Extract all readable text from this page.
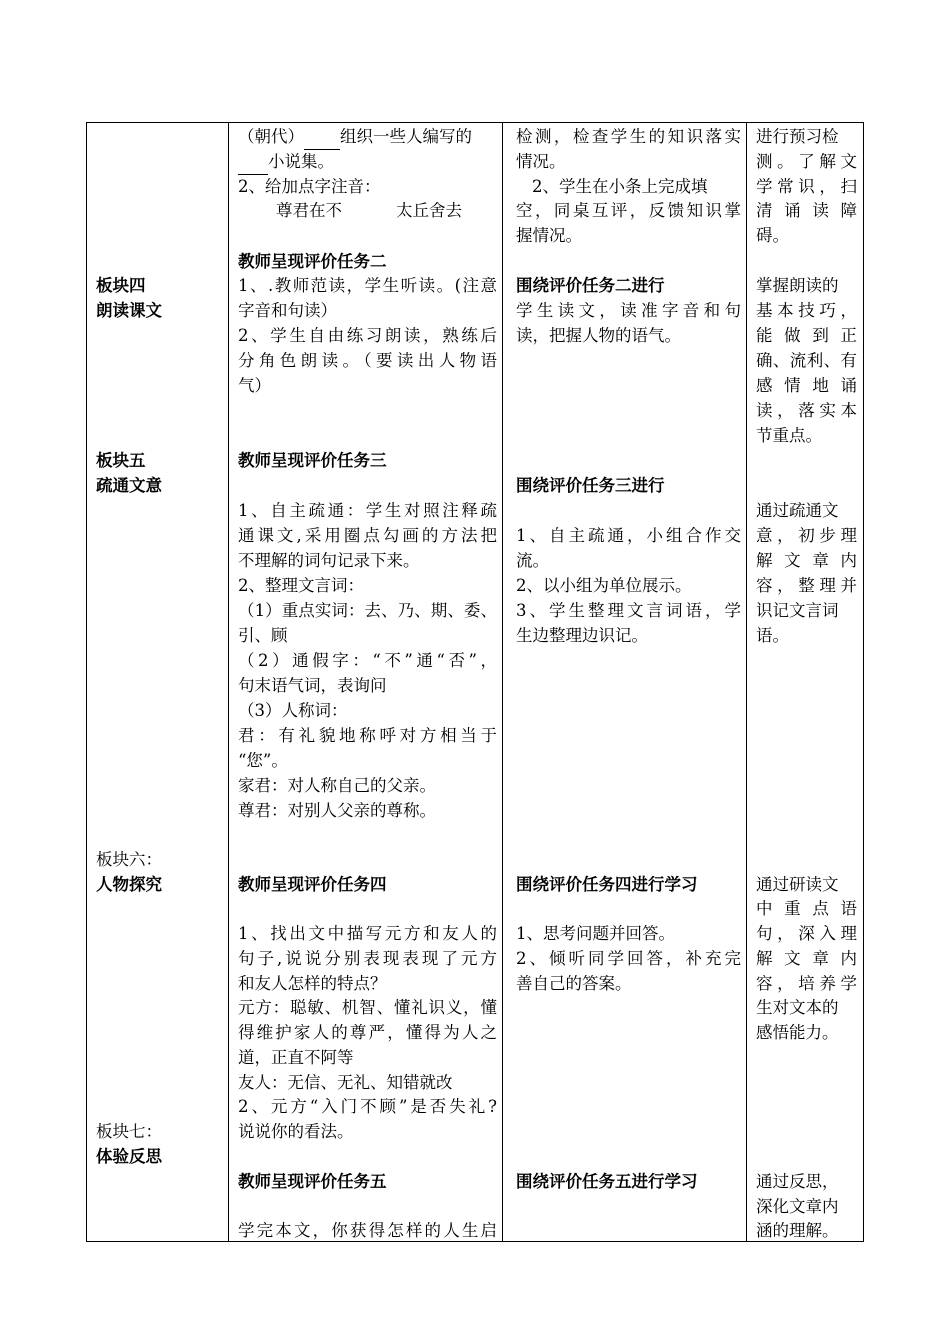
板块四
朗读课文
板块五
疏通文意
板块六：
人物探究
板块七：
体验反思
（朝代） 组织一些人编写的
小说集。
2、给加点字注音：
尊君在不	太丘舍去
教师呈现评价任务二
1、.教师范读，学生听读。(注意
字音和句读）
2、学生自由练习朗读，熟练后
分角色朗读。（要读出人物语
气）
教师呈现评价任务三
1、自主疏通：学生对照注释疏
通课文,采用圈点勾画的方法把
不理解的词句记录下来。
2、整理文言词：
（1）重点实词：去、乃、期、委、
引、顾
（2）通假字：“不”通“否”，
句末语气词，表询问
（3）人称词：
君：有礼貌地称呼对方相当于
“您”。
家君：对人称自己的父亲。
尊君：对别人父亲的尊称。
教师呈现评价任务四
1、找出文中描写元方和友人的
句子,说说分别表现表现了元方
和友人怎样的特点？
元方：聪敏、机智、懂礼识义，懂
得维护家人的尊严，懂得为人之
道，正直不阿等
友人：无信、无礼、知错就改
2、元方“入门不顾”是否失礼?
说说你的看法。
教师呈现评价任务五
学完本文，你获得怎样的人生启
检测，检查学生的知识落实
情况。
2、学生在小条上完成填
空，同桌互评，反馈知识掌
握情况。
围绕评价任务二进行
学生读文，读准字音和句
读，把握人物的语气。
围绕评价任务三进行
1、自主疏通，小组合作交
流。
2、以小组为单位展示。
3、学生整理文言词语，学
生边整理边识记。
围绕评价任务四进行学习
1、思考问题并回答。
2、倾听同学回答，补充完
善自己的答案。
围绕评价任务五进行学习
进行预习检
测。了解文
学常识，扫
清诵读障
碍。
掌握朗读的
基本技巧，
能做到正
确、流利、有
感情地诵
读，落实本
节重点。
通过疏通文
意，初步理
解文章内
容，整理并
识记文言词
语。
通过研读文
中重点语
句，深入理
解文章内
容，培养学
生对文本的
感悟能力。
通过反思，
深化文章内
涵的理解。
